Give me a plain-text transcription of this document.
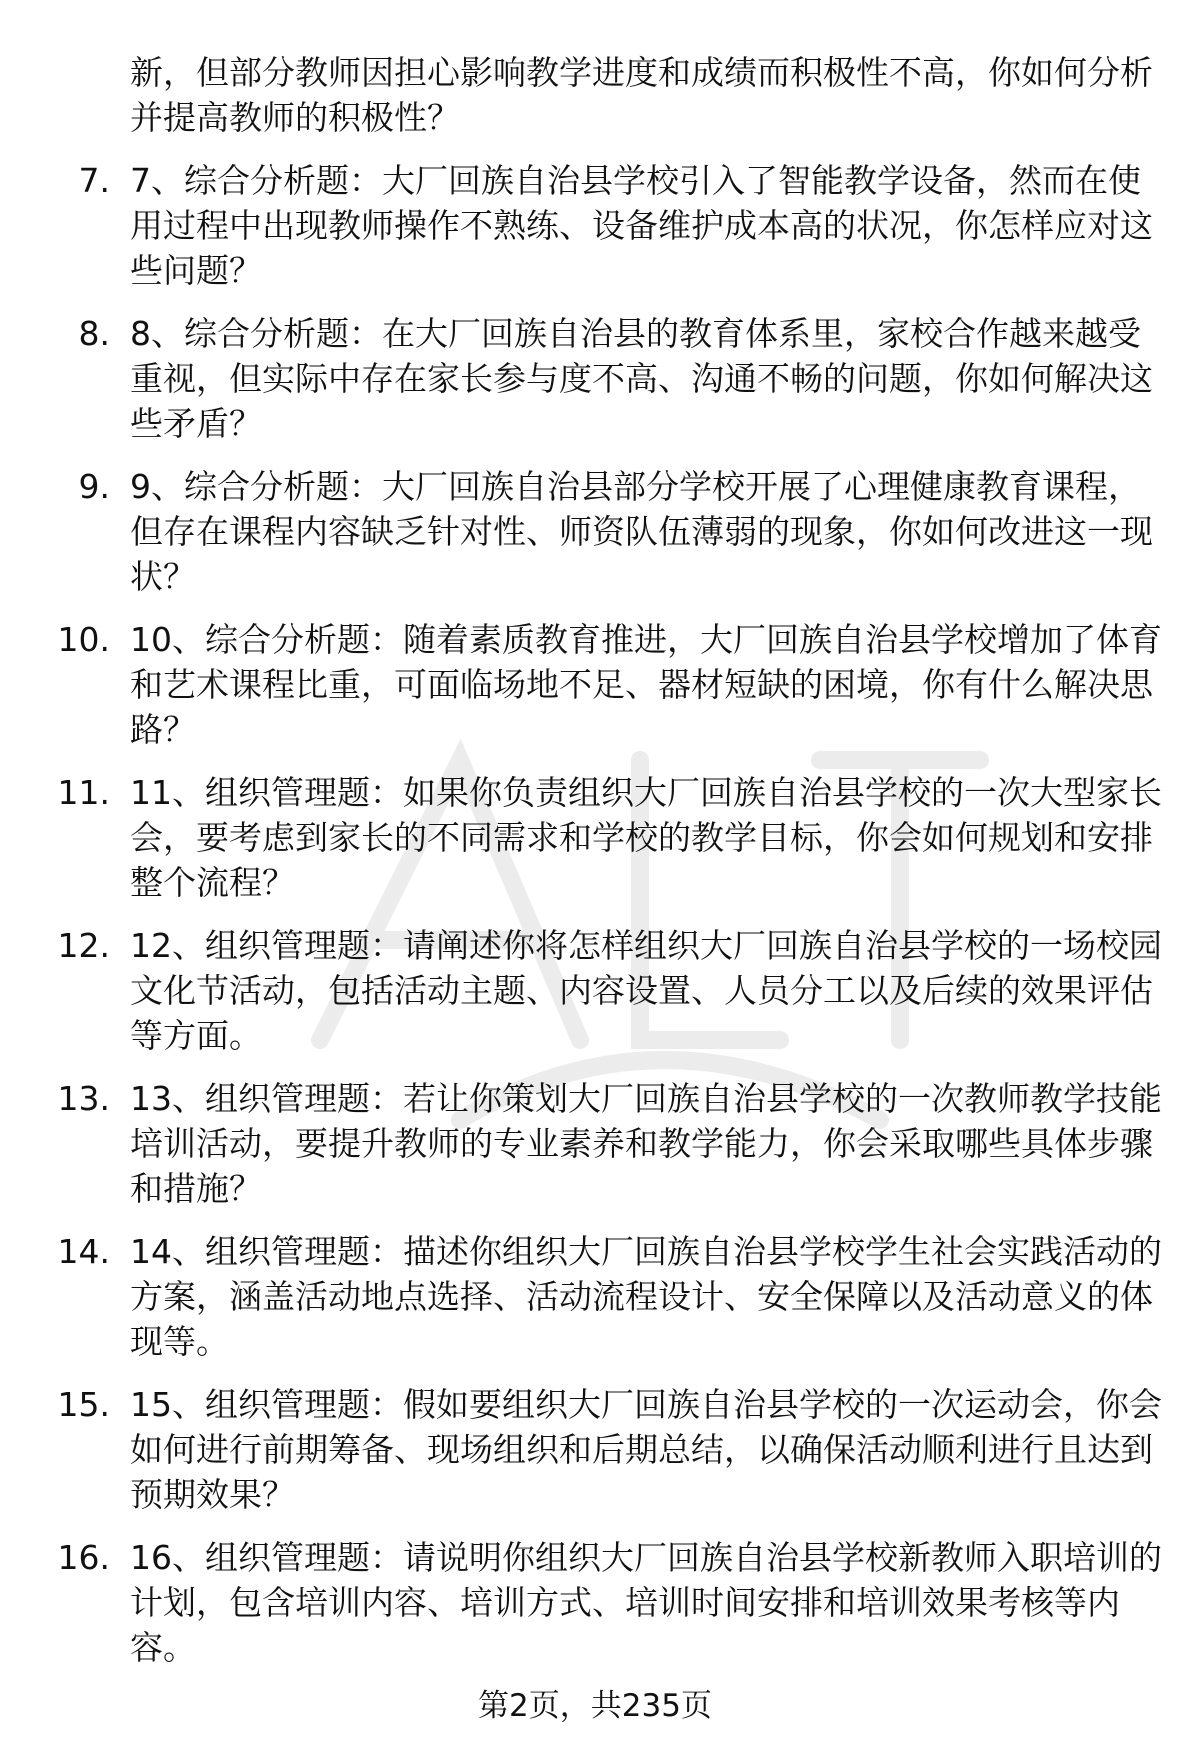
新，但部分教师因担心影响教学进度和成绩而积极性不高，你如何分析并提高教师的积极性？
7. 7、综合分析题：大厂回族自治县学校引入了智能教学设备，然而在使用过程中出现教师操作不熟练、设备维护成本高的状况，你怎样应对这些问题？
8. 8、综合分析题：在大厂回族自治县的教育体系里，家校合作越来越受重视，但实际中存在家长参与度不高、沟通不畅的问题，你如何解决这些矛盾？
9. 9、综合分析题：大厂回族自治县部分学校开展了心理健康教育课程，但存在课程内容缺乏针对性、师资队伍薄弱的现象，你如何改进这一现状？
10. 10、综合分析题：随着素质教育推进，大厂回族自治县学校增加了体育和艺术课程比重，可面临场地不足、器材短缺的困境，你有什么解决思路？
11. 11、组织管理题：如果你负责组织大厂回族自治县学校的一次大型家长会，要考虑到家长的不同需求和学校的教学目标，你会如何规划和安排整个流程？
12. 12、组织管理题：请阐述你将怎样组织大厂回族自治县学校的一场校园文化节活动，包括活动主题、内容设置、人员分工以及后续的效果评估等方面。
13. 13、组织管理题：若让你策划大厂回族自治县学校的一次教师教学技能培训活动，要提升教师的专业素养和教学能力，你会采取哪些具体步骤和措施？
14. 14、组织管理题：描述你组织大厂回族自治县学校学生社会实践活动的方案，涵盖活动地点选择、活动流程设计、安全保障以及活动意义的体现等。
15. 15、组织管理题：假如要组织大厂回族自治县学校的一次运动会，你会如何进行前期筹备、现场组织和后期总结，以确保活动顺利进行且达到预期效果？
16. 16、组织管理题：请说明你组织大厂回族自治县学校新教师入职培训的计划，包含培训内容、培训方式、培训时间安排和培训效果考核等内容。
第2页，共235页
